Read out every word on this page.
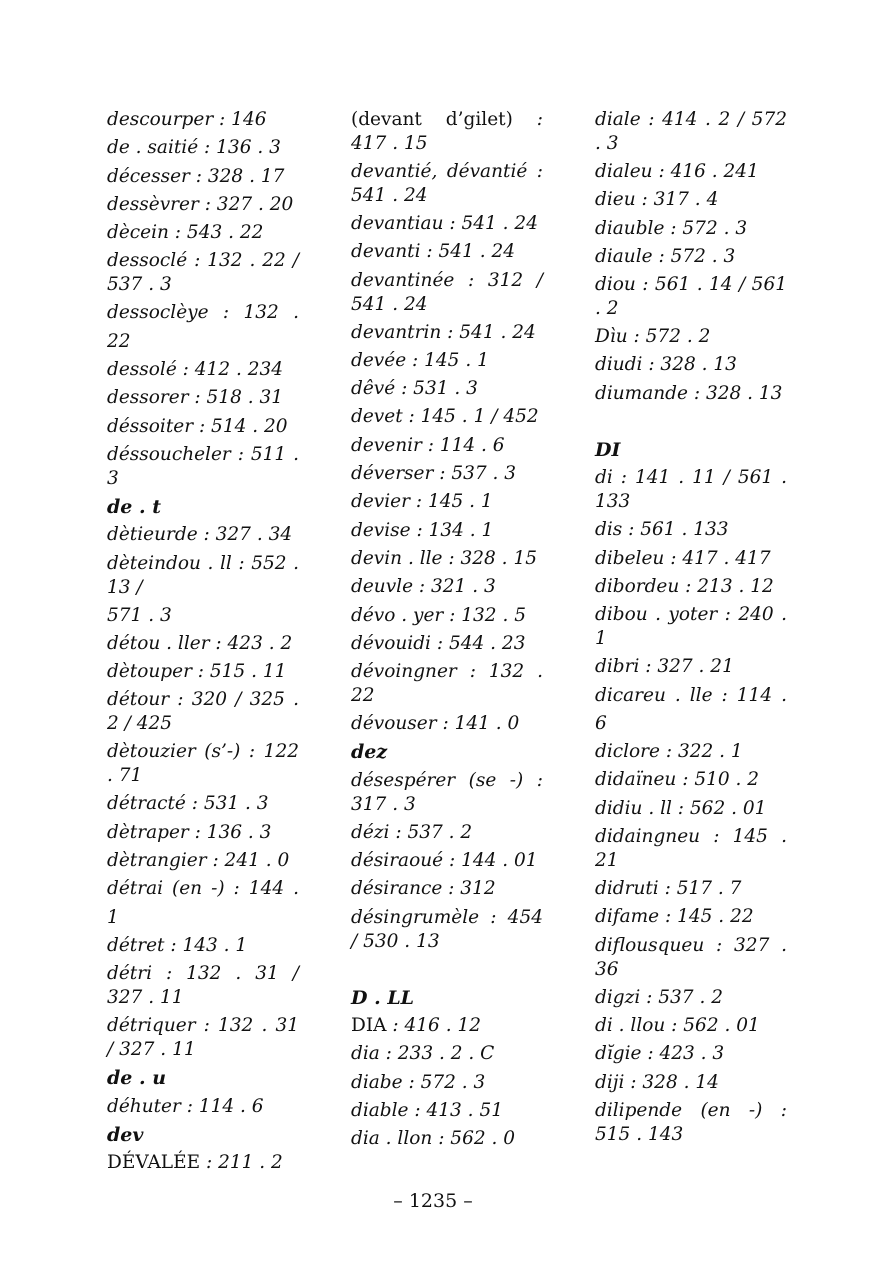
descourper : 146
de . saitié : 136 . 3
décesser : 328 . 17
dessèvrer : 327 . 20
dècein : 543 . 22
dessoclé : 132 . 22 / 537 . 3
dessoclèye : 132 . 22
dessolé : 412 . 234
dessorer : 518 . 31
déssoiter : 514 . 20
déssoucheler : 511 . 3
de . t
dètieurde : 327 . 34
dèteindou . ll : 552 . 13 /
571 . 3
détou . ller : 423 . 2
dètouper : 515 . 11
détour : 320 / 325 . 2 / 425
dètouzier (s’-) : 122 . 71
détracté : 531 . 3
dètraper : 136 . 3
dètrangier : 241 . 0
détrai (en -) : 144 . 1
détret : 143 . 1
détri : 132 . 31 / 327 . 11
détriquer : 132 . 31 / 327 . 11
de . u
déhuter : 114 . 6
dev
DÉVALÉE : 211 . 2
(devant d’gilet) : 417 . 15
devantié, dévantié : 541 . 24
devantiau : 541 . 24
devanti : 541 . 24
devantinée : 312 / 541 . 24
devantrin : 541 . 24
devée : 145 . 1
dêvé : 531 . 3
devet : 145 . 1 / 452
devenir : 114 . 6
déverser : 537 . 3
devier : 145 . 1
devise : 134 . 1
devin . lle : 328 . 15
deuvle : 321 . 3
dévo . yer : 132 . 5
dévouidi : 544 . 23
dévoingner : 132 . 22
dévouser : 141 . 0
dez
désespérer (se -) : 317 . 3
dézi : 537 . 2
désiraoué : 144 . 01
désirance : 312
désingrumèle : 454 / 530 . 13
D . LL
DIA : 416 . 12
dia : 233 . 2 . C
diabe : 572 . 3
diable : 413 . 51
dia . llon : 562 . 0
diale : 414 . 2 / 572 . 3
dialeu : 416 . 241
dieu : 317 . 4
diauble : 572 . 3
diaule : 572 . 3
diou : 561 . 14 / 561 . 2
Dìu : 572 . 2
diudi : 328 . 13
diumande : 328 . 13
DI
di : 141 . 11 / 561 . 133
dis : 561 . 133
dibeleu : 417 . 417
dibordeu : 213 . 12
dibou . yoter : 240 . 1
dibri : 327 . 21
dicareu . lle : 114 . 6
diclore : 322 . 1
didaïneu : 510 . 2
didiu . ll : 562 . 01
didaingneu : 145 . 21
didruti : 517 . 7
difame : 145 . 22
diflousqueu : 327 . 36
digzi : 537 . 2
di . llou : 562 . 01
dĭgie : 423 . 3
diji : 328 . 14
dilipende (en -) : 515 . 143
– 1235 –
